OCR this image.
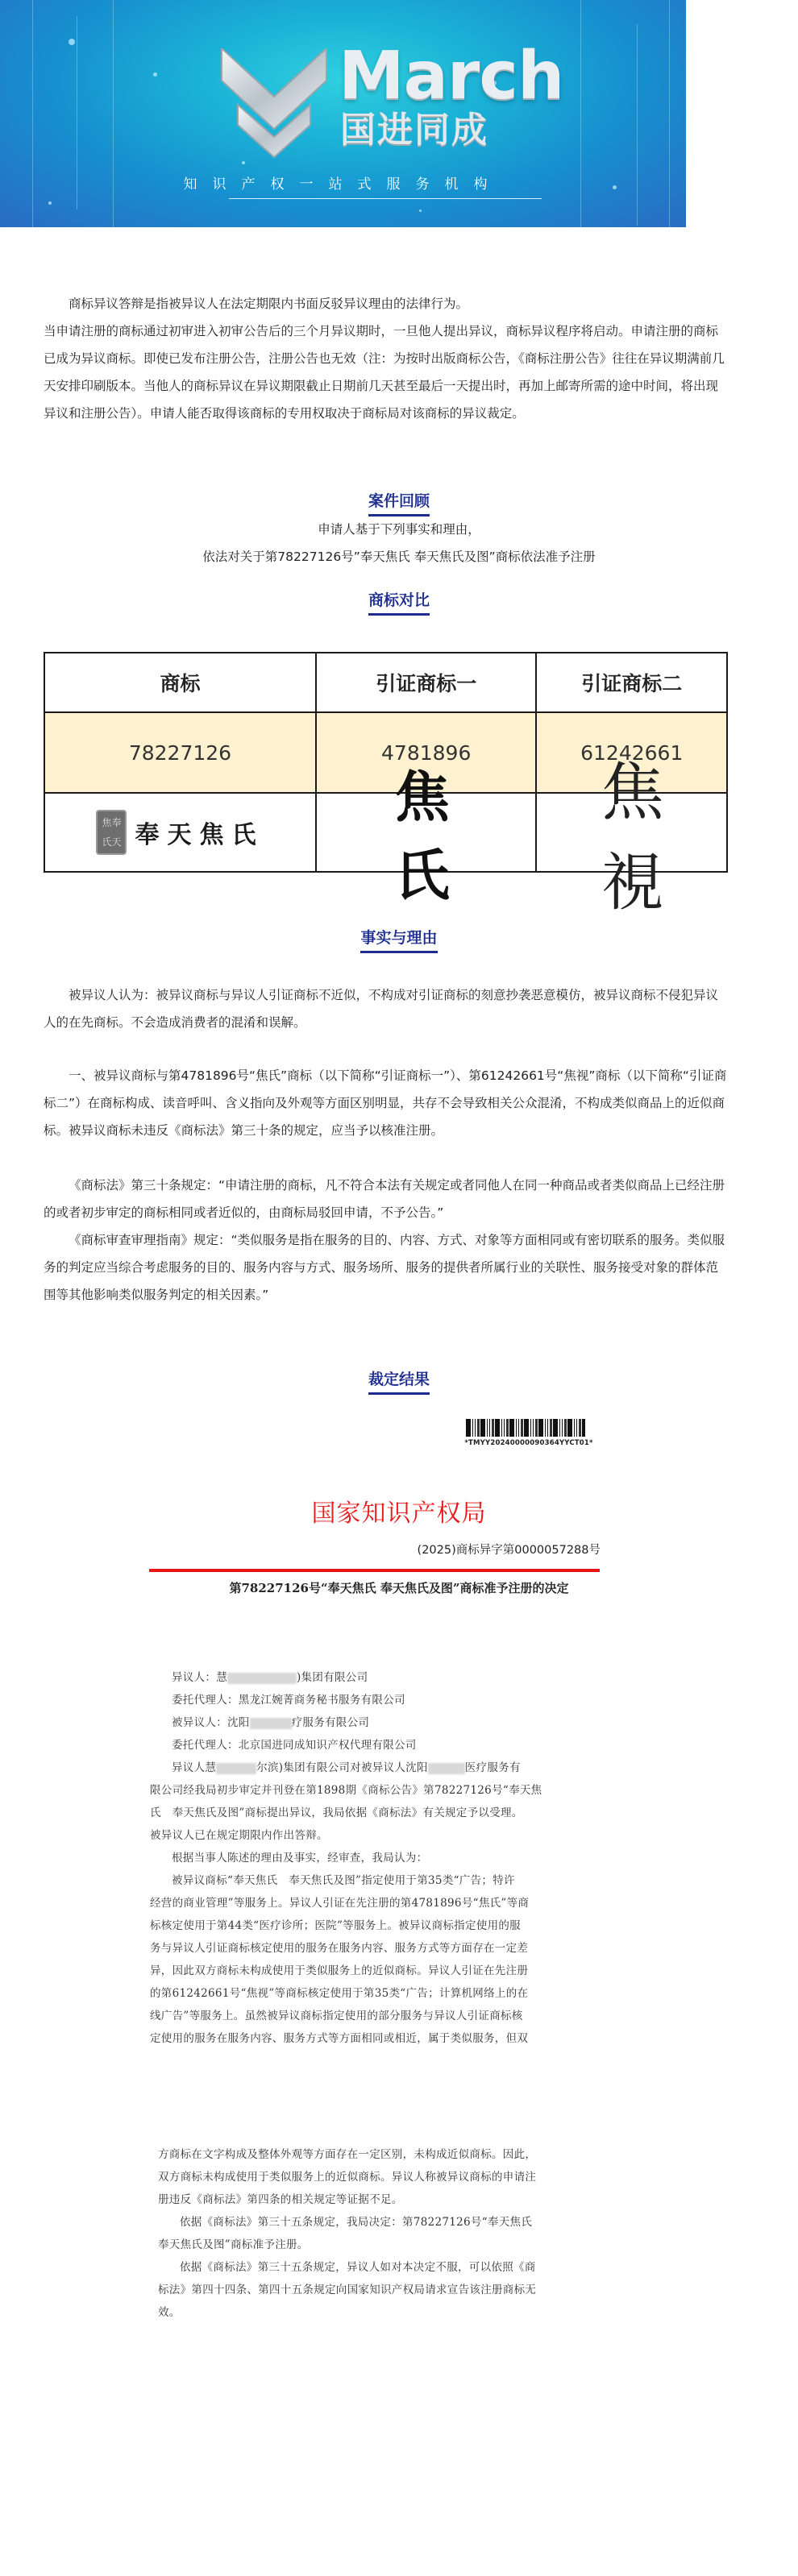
March
国进同成
知识产权一站式服务机构
商标异议答辩是指被异议人在法定期限内书面反驳异议理由的法律行为。
当申请注册的商标通过初审进入初审公告后的三个月异议期时，一旦他人提出异议，商标异议程序将启动。申请注册的商标已成为异议商标。即使已发布注册公告，注册公告也无效（注：为按时出版商标公告，《商标注册公告》往往在异议期满前几天安排印刷版本。当他人的商标异议在异议期限截止日期前几天甚至最后一天提出时，再加上邮寄所需的途中时间，将出现异议和注册公告）。申请人能否取得该商标的专用权取决于商标局对该商标的异议裁定。
案件回顾
申请人基于下列事实和理由，
依法对关于第78227126号”奉天焦氏 奉天焦氏及图”商标依法准予注册
商标对比
商标	引证商标一	引证商标二
78227126	4781896	61242661

焦奉氏天 奉天焦氏	焦氏	焦視
事实与理由
被异议人认为：被异议商标与异议人引证商标不近似，不构成对引证商标的刻意抄袭恶意模仿，被异议商标不侵犯异议人的在先商标。不会造成消费者的混淆和误解。
一、被异议商标与第4781896号“焦氏”商标（以下简称“引证商标一”）、第61242661号“焦视”商标（以下简称“引证商标二”）在商标构成、读音呼叫、含义指向及外观等方面区别明显，共存不会导致相关公众混淆，不构成类似商品上的近似商标。被异议商标未违反《商标法》第三十条的规定，应当予以核准注册。
《商标法》第三十条规定：“申请注册的商标，凡不符合本法有关规定或者同他人在同一种商品或者类似商品上已经注册的或者初步审定的商标相同或者近似的，由商标局驳回申请，不予公告。”
《商标审查审理指南》规定：“类似服务是指在服务的目的、内容、方式、对象等方面相同或有密切联系的服务。类似服务的判定应当综合考虑服务的目的、服务内容与方式、服务场所、服务的提供者所属行业的关联性、服务接受对象的群体范围等其他影响类似服务判定的相关因素。”
裁定结果
*TMYY20240000090364YYCT01*
国家知识产权局
(2025)商标异字第0000057288号
第78227126号“奉天焦氏 奉天焦氏及图”商标准予注册的决定
异议人：慧	)集团有限公司
委托代理人：黑龙江婉菁商务秘书服务有限公司
被异议人：沈阳	疗服务有限公司
委托代理人：北京国进同成知识产权代理有限公司
异议人慧	尔滨)集团有限公司对被异议人沈阳	医疗服务有
限公司经我局初步审定并刊登在第1898期《商标公告》第78227126号“奉天焦
氏　奉天焦氏及图”商标提出异议，我局依据《商标法》有关规定予以受理。
被异议人已在规定期限内作出答辩。
根据当事人陈述的理由及事实，经审查，我局认为：
被异议商标“奉天焦氏　奉天焦氏及图”指定使用于第35类“广告；特许
经营的商业管理”等服务上。异议人引证在先注册的第4781896号“焦氏”等商
标核定使用于第44类“医疗诊所；医院”等服务上。被异议商标指定使用的服
务与异议人引证商标核定使用的服务在服务内容、服务方式等方面存在一定差
异，因此双方商标未构成使用于类似服务上的近似商标。异议人引证在先注册
的第61242661号“焦视”等商标核定使用于第35类“广告；计算机网络上的在
线广告”等服务上。虽然被异议商标指定使用的部分服务与异议人引证商标核
定使用的服务在服务内容、服务方式等方面相同或相近，属于类似服务，但双
方商标在文字构成及整体外观等方面存在一定区别，未构成近似商标。因此，
双方商标未构成使用于类似服务上的近似商标。异议人称被异议商标的申请注
册违反《商标法》第四条的相关规定等证据不足。
依据《商标法》第三十五条规定，我局决定：第78227126号“奉天焦氏
奉天焦氏及图”商标准予注册。
依据《商标法》第三十五条规定，异议人如对本决定不服，可以依照《商
标法》第四十四条、第四十五条规定向国家知识产权局请求宣告该注册商标无
效。
